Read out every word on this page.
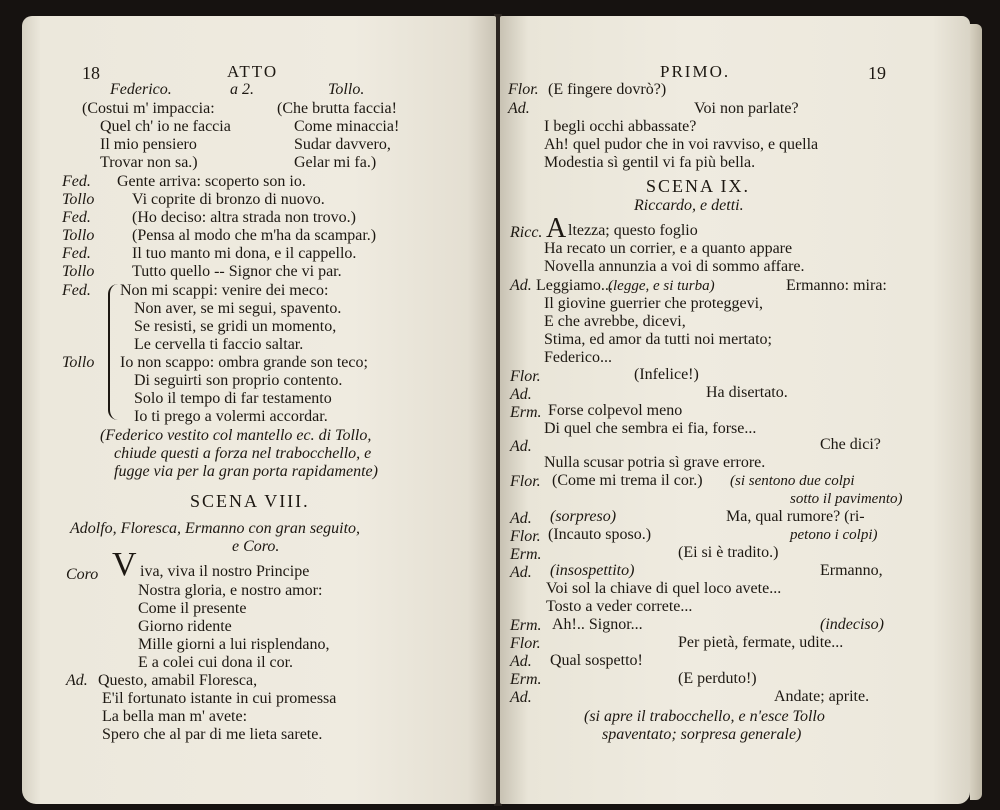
18	ATTO
Federico.	a 2.	Tollo.
(Costui m' impaccia:	(Che brutta faccia!
Quel ch' io ne faccia	Come minaccia!
Il mio pensiero	Sudar davvero,
Trovar non sa.)	Gelar mi fa.)
Fed. Gente arriva: scoperto son io.
Tollo Vi coprite di bronzo di nuovo.
Fed.	(Ho deciso: altra strada non trovo.)
Tollo (Pensa al modo che m'ha da scampar.)
Fed.	Il tuo manto mi dona, e il cappello.
Tollo Tutto quello -- Signor che vi par.
Fed. Non mi scappi: venire dei meco:
Non aver, se mi segui, spavento.
Se resisti, se gridi un momento,
Le cervella ti faccio saltar.
Tollo Io non scappo: ombra grande son teco;
Di seguirti son proprio contento.
Solo il tempo di far testamento
Io ti prego a volermi accordar.
(Federico vestito col mantello ec. di Tollo,
chiude questi a forza nel trabocchello, e
fugge via per la gran porta rapidamente)
SCENA VIII.
Adolfo, Floresca, Ermanno con gran seguito,
e Coro.
Coro V iva, viva il nostro Principe
Nostra gloria, e nostro amor:
Come il presente
Giorno ridente
Mille giorni a lui risplendano,
E a colei cui dona il cor.
Ad. Questo, amabil Floresca,
E'il fortunato istante in cui promessa
La bella man m' avete:
Spero che al par di me lieta sarete.
PRIMO.	19
Flor. (E fingere dovrò?)
Ad.	Voi non parlate?
I begli occhi abbassate?
Ah! quel pudor che in voi ravviso, e quella
Modestia sì gentil vi fa più bella.
SCENA IX.
Riccardo, e detti.
Ricc. A ltezza; questo foglio
Ha recato un corrier, e a quanto appare
Novella annunzia a voi di sommo affare.
Ad. Leggiamo...
(legge, e si turba)	Ermanno: mira:
Il giovine guerrier che proteggevi,
E che avrebbe, dicevi,
Stima, ed amor da tutti noi mertato;
Federico...
Flor.	(Infelice!)
Ad.	Ha disertato.
Erm. Forse colpevol meno
Di quel che sembra ei fia, forse...
Ad.	Che dici?
Nulla scusar potria sì grave errore.
Flor. (Come mi trema il cor.) (si sentono due colpi
sotto il pavimento)
Ad. (sorpreso)	Ma, qual rumore? (ri-
Flor. (Incauto sposo.)	petono i colpi)
Erm.	(Ei si è tradito.)
Ad. (insospettito)	Ermanno,
Voi sol la chiave di quel loco avete...
Tosto a veder correte...
Erm. Ah!.. Signor...	(indeciso)
Flor.	Per pietà, fermate, udite...
Ad. Qual sospetto!
Erm.	(E perduto!)
Ad.	Andate; aprite.
(si apre il trabocchello, e n'esce Tollo
spaventato; sorpresa generale)
